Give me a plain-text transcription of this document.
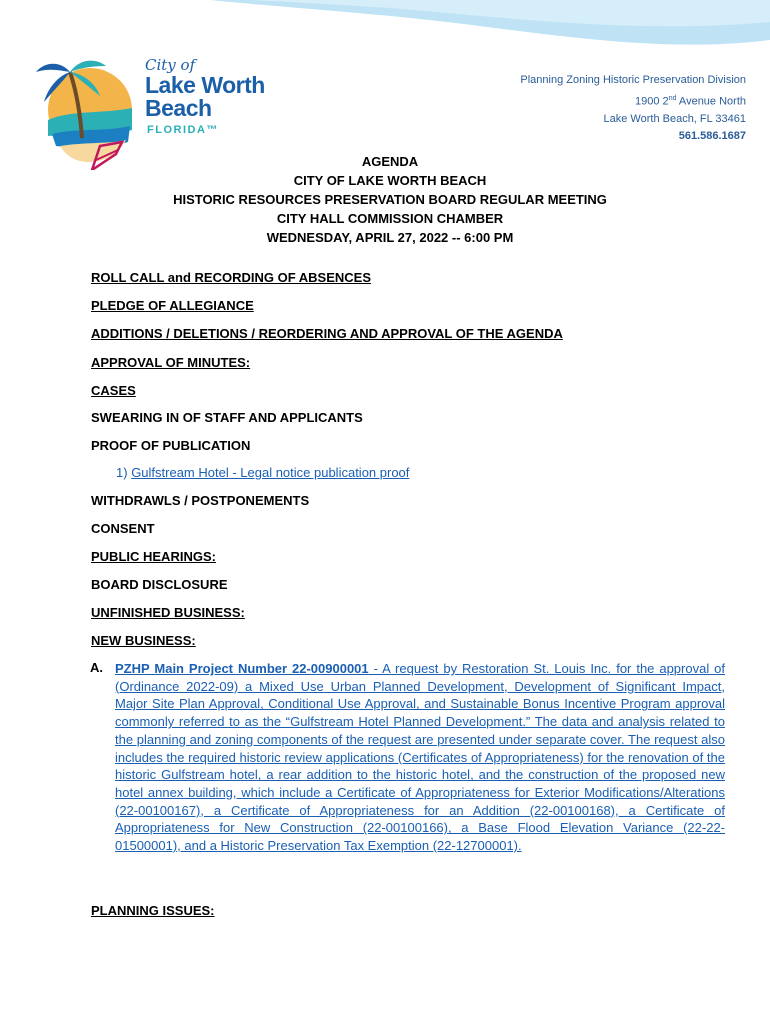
City of
Lake Worth
Beach
FLORIDA™
Planning Zoning Historic Preservation Division
1900 2nd Avenue North
Lake Worth Beach, FL 33461
561.586.1687
AGENDA
CITY OF LAKE WORTH BEACH
HISTORIC RESOURCES PRESERVATION BOARD REGULAR MEETING
CITY HALL COMMISSION CHAMBER
WEDNESDAY, APRIL 27, 2022 -- 6:00 PM
ROLL CALL and RECORDING OF ABSENCES
PLEDGE OF ALLEGIANCE
ADDITIONS / DELETIONS / REORDERING AND APPROVAL OF THE AGENDA
APPROVAL OF MINUTES:
CASES
SWEARING IN OF STAFF AND APPLICANTS
PROOF OF PUBLICATION
1) Gulfstream Hotel - Legal notice publication proof
WITHDRAWLS / POSTPONEMENTS
CONSENT
PUBLIC HEARINGS:
BOARD DISCLOSURE
UNFINISHED BUSINESS:
NEW BUSINESS:
A. PZHP Main Project Number 22-00900001 - A request by Restoration St. Louis Inc. for the approval of (Ordinance 2022-09) a Mixed Use Urban Planned Development, Development of Significant Impact, Major Site Plan Approval, Conditional Use Approval, and Sustainable Bonus Incentive Program approval commonly referred to as the “Gulfstream Hotel Planned Development.” The data and analysis related to the planning and zoning components of the request are presented under separate cover. The request also includes the required historic review applications (Certificates of Appropriateness) for the renovation of the historic Gulfstream hotel, a rear addition to the historic hotel, and the construction of the proposed new hotel annex building, which include a Certificate of Appropriateness for Exterior Modifications/Alterations (22-00100167), a Certificate of Appropriateness for an Addition (22-00100168), a Certificate of Appropriateness for New Construction (22-00100166), a Base Flood Elevation Variance (22-22-01500001), and a Historic Preservation Tax Exemption (22-12700001).
PLANNING ISSUES:
